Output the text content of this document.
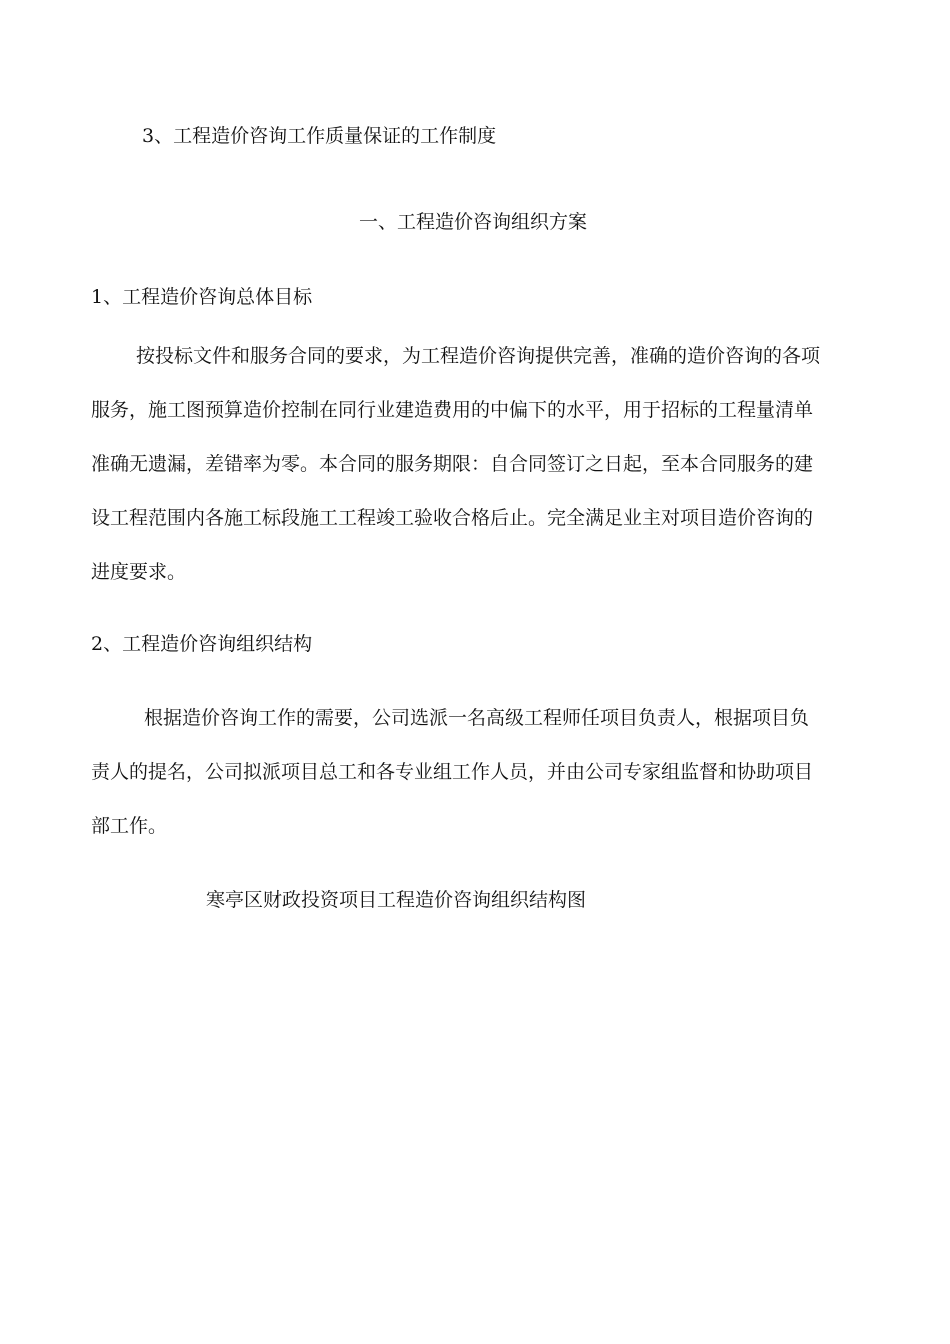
3、工程造价咨询工作质量保证的工作制度

一、工程造价咨询组织方案

1、工程造价咨询总体目标

按投标文件和服务合同的要求，为工程造价咨询提供完善，准确的造价咨询的各项
服务，施工图预算造价控制在同行业建造费用的中偏下的水平，用于招标的工程量清单
准确无遗漏，差错率为零。本合同的服务期限：自合同签订之日起，至本合同服务的建
设工程范围内各施工标段施工工程竣工验收合格后止。完全满足业主对项目造价咨询的
进度要求。

2、工程造价咨询组织结构

根据造价咨询工作的需要，公司选派一名高级工程师任项目负责人，根据项目负
责人的提名，公司拟派项目总工和各专业组工作人员，并由公司专家组监督和协助项目
部工作。

寒亭区财政投资项目工程造价咨询组织结构图
